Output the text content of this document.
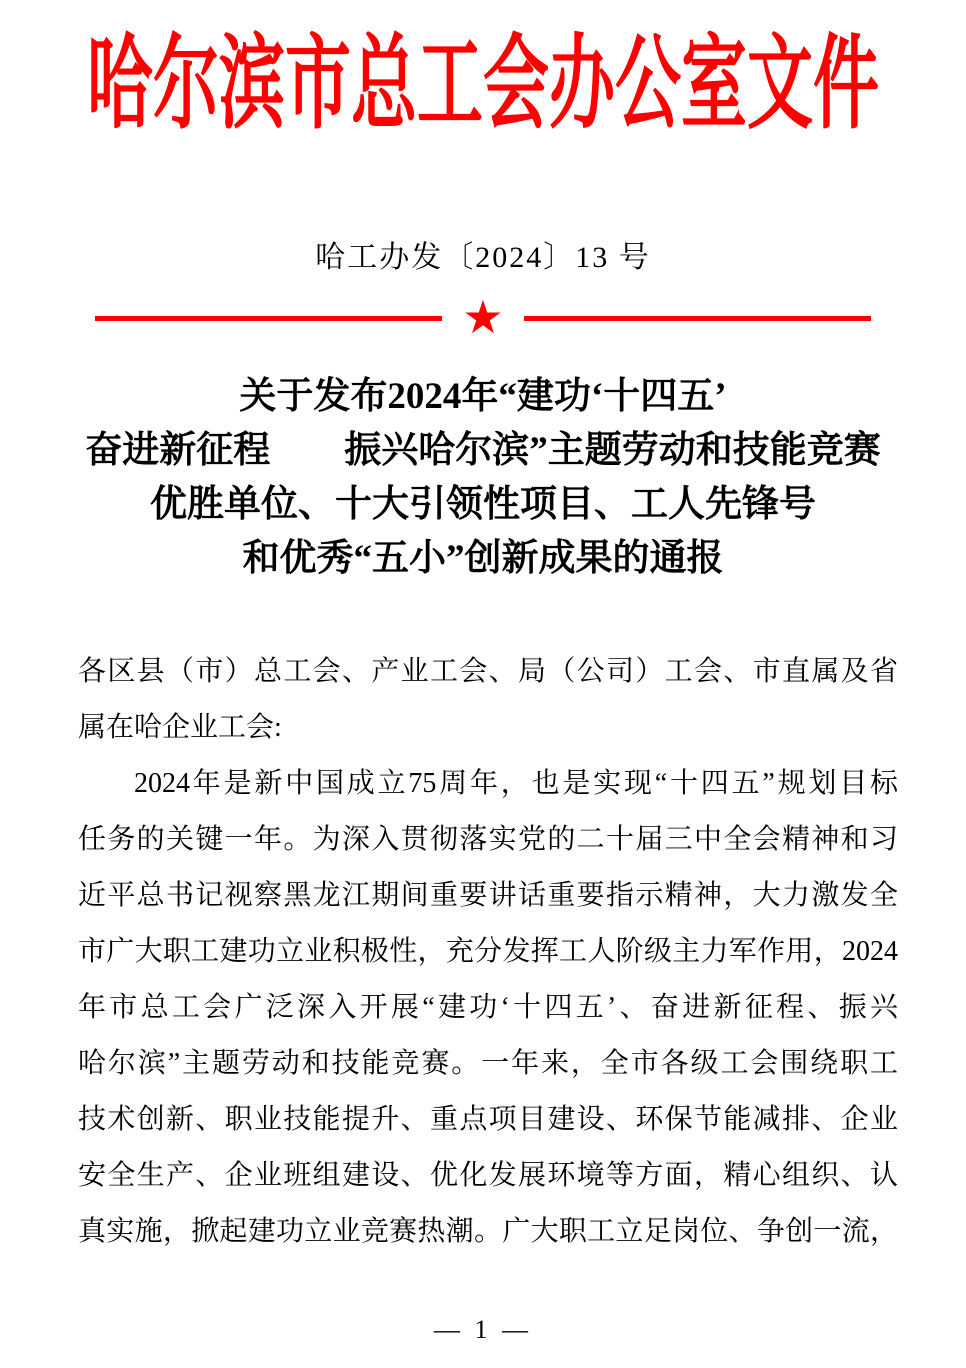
哈尔滨市总工会办公室文件
哈工办发〔2024〕13 号
★
关于发布2024年“建功‘十四五’
奋进新征程　　振兴哈尔滨”主题劳动和技能竞赛
优胜单位、十大引领性项目、工人先锋号
和优秀“五小”创新成果的通报
各区县（市）总工会、产业工会、局（公司）工会、市直属及省
属在哈企业工会:
2024年是新中国成立75周年，也是实现“十四五”规划目标
任务的关键一年。为深入贯彻落实党的二十届三中全会精神和习
近平总书记视察黑龙江期间重要讲话重要指示精神，大力激发全
市广大职工建功立业积极性，充分发挥工人阶级主力军作用，2024
年市总工会广泛深入开展“建功‘十四五’、奋进新征程、振兴
哈尔滨”主题劳动和技能竞赛。一年来，全市各级工会围绕职工
技术创新、职业技能提升、重点项目建设、环保节能减排、企业
安全生产、企业班组建设、优化发展环境等方面，精心组织、认
真实施，掀起建功立业竞赛热潮。广大职工立足岗位、争创一流，
— 1 —
